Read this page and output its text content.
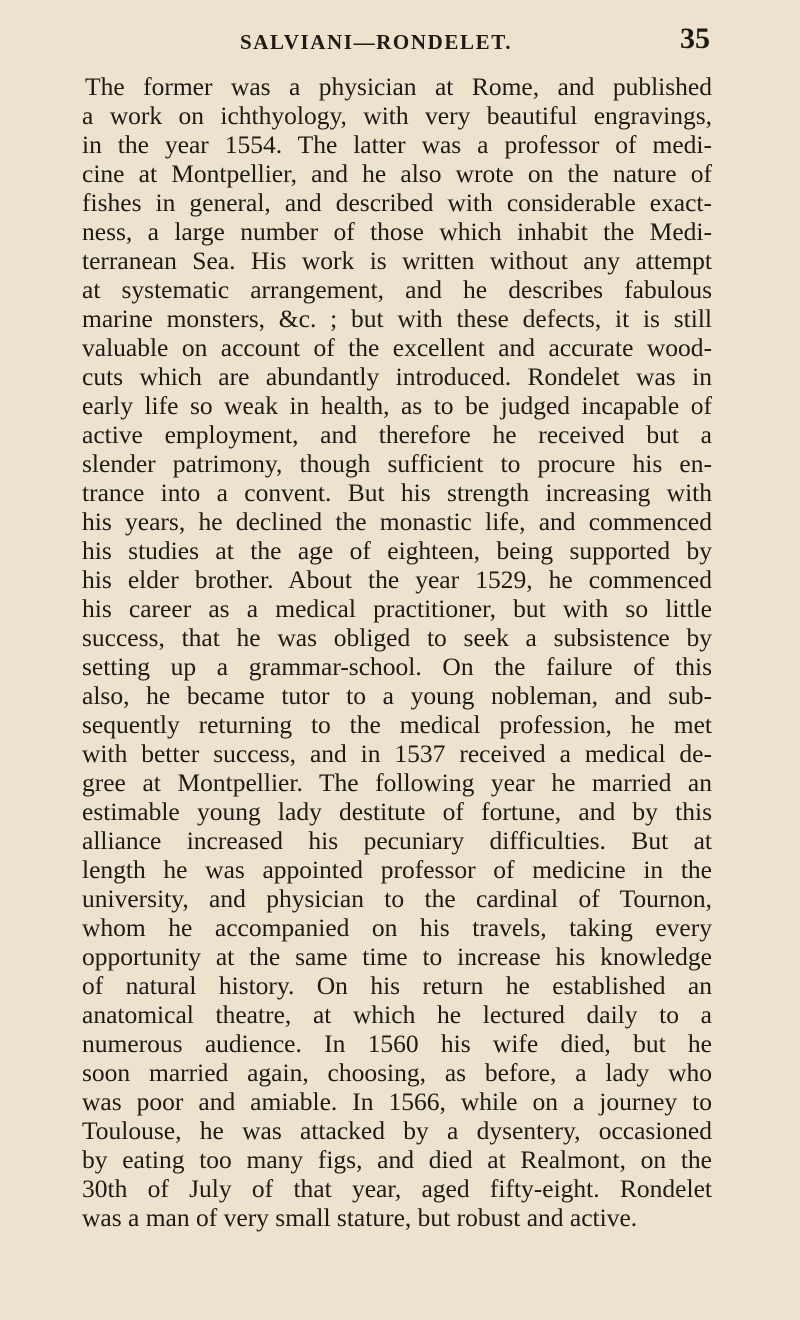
SALVIANI—RONDELET.	35
The former was a physician at Rome, and published
a work on ichthyology, with very beautiful engravings,
in the year 1554. The latter was a professor of medi-
cine at Montpellier, and he also wrote on the nature of
fishes in general, and described with considerable exact-
ness, a large number of those which inhabit the Medi-
terranean Sea. His work is written without any attempt
at systematic arrangement, and he describes fabulous
marine monsters, &c. ; but with these defects, it is still
valuable on account of the excellent and accurate wood-
cuts which are abundantly introduced. Rondelet was in
early life so weak in health, as to be judged incapable of
active employment, and therefore he received but a
slender patrimony, though sufficient to procure his en-
trance into a convent. But his strength increasing with
his years, he declined the monastic life, and commenced
his studies at the age of eighteen, being supported by
his elder brother. About the year 1529, he commenced
his career as a medical practitioner, but with so little
success, that he was obliged to seek a subsistence by
setting up a grammar-school. On the failure of this
also, he became tutor to a young nobleman, and sub-
sequently returning to the medical profession, he met
with better success, and in 1537 received a medical de-
gree at Montpellier. The following year he married an
estimable young lady destitute of fortune, and by this
alliance increased his pecuniary difficulties. But at
length he was appointed professor of medicine in the
university, and physician to the cardinal of Tournon,
whom he accompanied on his travels, taking every
opportunity at the same time to increase his knowledge
of natural history. On his return he established an
anatomical theatre, at which he lectured daily to a
numerous audience. In 1560 his wife died, but he
soon married again, choosing, as before, a lady who
was poor and amiable. In 1566, while on a journey to
Toulouse, he was attacked by a dysentery, occasioned
by eating too many figs, and died at Realmont, on the
30th of July of that year, aged fifty-eight. Rondelet
was a man of very small stature, but robust and active.
